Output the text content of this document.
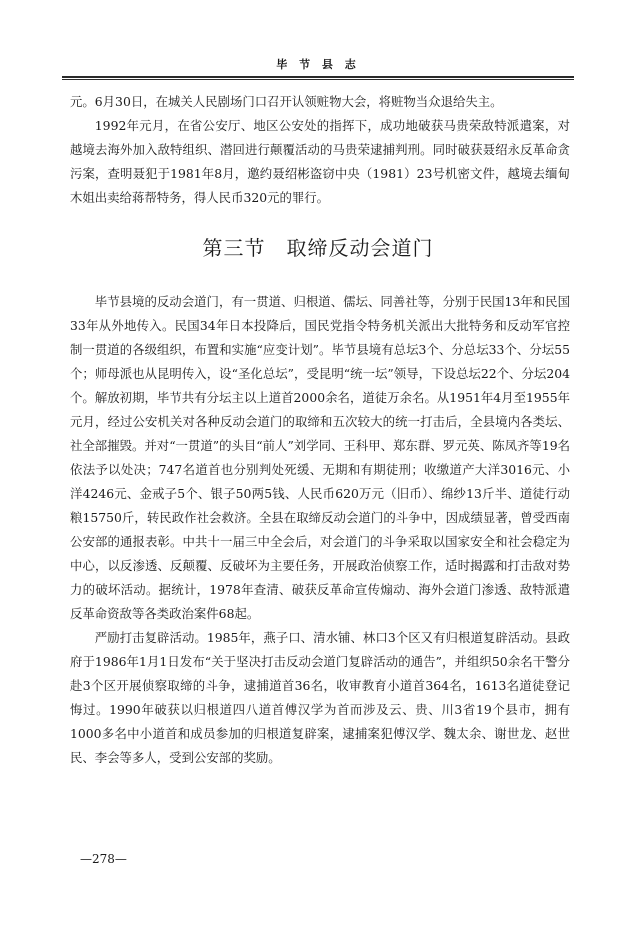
毕 节 县 志

元。6月30日，在城关人民剧场门口召开认领赃物大会，将赃物当众退给失主。

1992年元月，在省公安厅、地区公安处的指挥下，成功地破获马贵荣敌特派遣案，对越境去海外加入敌特组织、潜回进行颠覆活动的马贵荣逮捕判刑。同时破获聂绍永反革命贪污案，查明聂犯于1981年8月，邀约聂绍彬盗窃中央（1981）23号机密文件，越境去缅甸木姐出卖给蒋帮特务，得人民币320元的罪行。

第三节　取缔反动会道门

毕节县境的反动会道门，有一贯道、归根道、儒坛、同善社等，分别于民国13年和民国33年从外地传入。民国34年日本投降后，国民党指令特务机关派出大批特务和反动军官控制一贯道的各级组织，布置和实施“应变计划”。毕节县境有总坛3个、分总坛33个、分坛55个；师母派也从昆明传入，设“圣化总坛”，受昆明“统一坛”领导，下设总坛22个、分坛204个。解放初期，毕节共有分坛主以上道首2000余名，道徒万余名。从1951年4月至1955年元月，经过公安机关对各种反动会道门的取缔和五次较大的统一打击后，全县境内各类坛、社全部摧毁。并对“一贯道”的头目“前人”刘学同、王科甲、郑东群、罗元英、陈凤齐等19名依法予以处决；747名道首也分别判处死缓、无期和有期徒刑；收缴道产大洋3016元、小洋4246元、金戒子5个、银子50两5钱、人民币620万元（旧币）、绵纱13斤半、道徒行动粮15750斤，转民政作社会救济。全县在取缔反动会道门的斗争中，因成绩显著，曾受西南公安部的通报表彰。中共十一届三中全会后，对会道门的斗争采取以国家安全和社会稳定为中心，以反渗透、反颠覆、反破坏为主要任务，开展政治侦察工作，适时揭露和打击敌对势力的破坏活动。据统计，1978年查清、破获反革命宣传煽动、海外会道门渗透、敌特派遣反革命资敌等各类政治案件68起。

严励打击复辟活动。1985年，燕子口、清水铺、林口3个区又有归根道复辟活动。县政府于1986年1月1日发布“关于坚决打击反动会道门复辟活动的通告”，并组织50余名干警分赴3个区开展侦察取缔的斗争，逮捕道首36名，收审教育小道首364名，1613名道徒登记悔过。1990年破获以归根道四八道首傅汉学为首而涉及云、贵、川3省19个县市，拥有1000多名中小道首和成员参加的归根道复辟案，逮捕案犯傅汉学、魏太余、谢世龙、赵世民、李会等多人，受到公安部的奖励。

—278—
